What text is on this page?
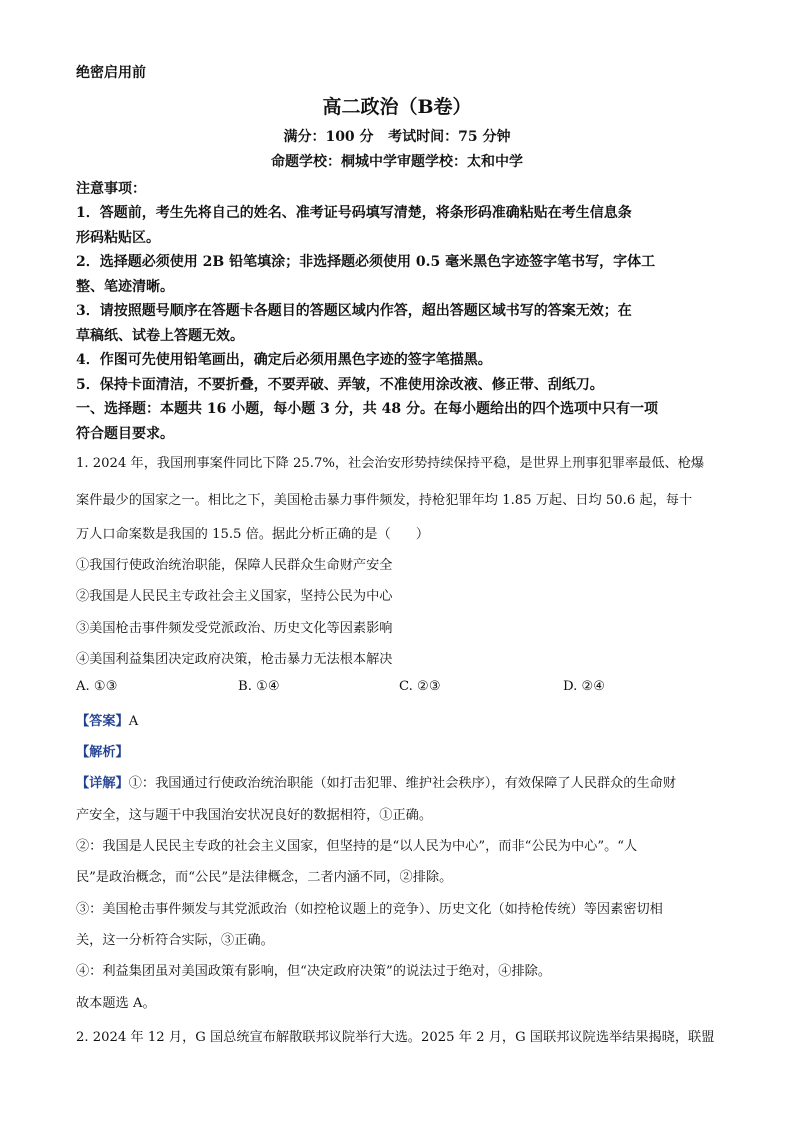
绝密启用前
高二政治（B卷）
满分：100 分   考试时间：75 分钟
命题学校：桐城中学审题学校：太和中学
注意事项：
1．答题前，考生先将自己的姓名、准考证号码填写清楚，将条形码准确粘贴在考生信息条
形码粘贴区。
2．选择题必须使用 2B 铅笔填涂；非选择题必须使用 0.5 毫米黑色字迹签字笔书写，字体工
整、笔迹清晰。
3．请按照题号顺序在答题卡各题目的答题区域内作答，超出答题区域书写的答案无效；在
草稿纸、试卷上答题无效。
4．作图可先使用铅笔画出，确定后必须用黑色字迹的签字笔描黑。
5．保持卡面清洁，不要折叠，不要弄破、弄皱，不准使用涂改液、修正带、刮纸刀。
一、选择题：本题共 16 小题，每小题 3 分，共 48 分。在每小题给出的四个选项中只有一项
符合题目要求。
1. 2024 年，我国刑事案件同比下降 25.7%，社会治安形势持续保持平稳，是世界上刑事犯罪率最低、枪爆
案件最少的国家之一。相比之下，美国枪击暴力事件频发，持枪犯罪年均 1.85 万起、日均 50.6 起，每十
万人口命案数是我国的 15.5 倍。据此分析正确的是（      ）
①我国行使政治统治职能，保障人民群众生命财产安全
②我国是人民民主专政社会主义国家，坚持公民为中心
③美国枪击事件频发受党派政治、历史文化等因素影响
④美国利益集团决定政府决策，枪击暴力无法根本解决
A. ①③	B. ①④	C. ②③	D. ②④
【答案】A
【解析】
【详解】①：我国通过行使政治统治职能（如打击犯罪、维护社会秩序），有效保障了人民群众的生命财
产安全，这与题干中我国治安状况良好的数据相符，①正确。
②：我国是人民民主专政的社会主义国家，但坚持的是“以人民为中心”，而非“公民为中心”。“人
民”是政治概念，而“公民”是法律概念，二者内涵不同，②排除。
③：美国枪击事件频发与其党派政治（如控枪议题上的竞争）、历史文化（如持枪传统）等因素密切相
关，这一分析符合实际，③正确。
④：利益集团虽对美国政策有影响，但“决定政府决策”的说法过于绝对，④排除。
故本题选 A。
2. 2024 年 12 月，G 国总统宣布解散联邦议院举行大选。2025 年 2 月，G 国联邦议院选举结果揭晓，联盟
